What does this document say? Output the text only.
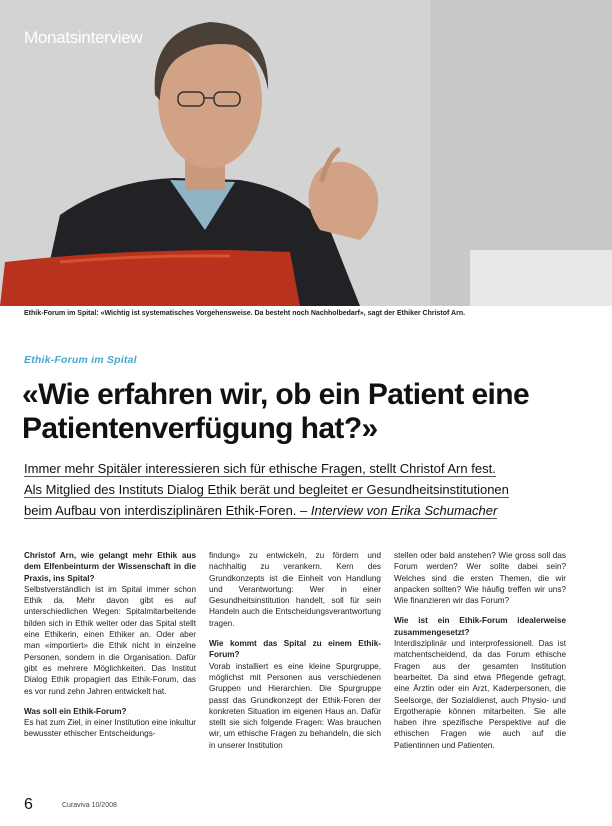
Monatsinterview
Ethik-Forum im Spital: «Wichtig ist systematisches Vorgehensweise. Da besteht noch Nachholbedarf», sagt der Ethiker Christof Arn.
Ethik-Forum im Spital
«Wie erfahren wir, ob ein Patient eine Patientenverfügung hat?»

Immer mehr Spitäler interessieren sich für ethische Fragen, stellt Christof Arn fest.

Als Mitglied des Instituts Dialog Ethik berät und begleitet er Gesundheitsinstitutionen

beim Aufbau von interdisziplinären Ethik-Foren. – Interview von Erika Schumacher

Christof Arn, wie gelangt mehr Ethik aus dem Elfenbeinturm der Wissenschaft in die Praxis, ins Spital?

Selbstverständlich ist im Spital immer schon Ethik da. Mehr davon gibt es auf unterschiedlichen Wegen: Spitalmitarbeitende bilden sich in Ethik weiter oder das Spital stellt eine Ethikerin, einen Ethiker an. Oder aber man «importiert» die Ethik nicht in einzelne Personen, sondern in die Organisation. Dafür gibt es mehrere Möglichkeiten. Das Institut Dialog Ethik propagiert das Ethik-Forum, das es vor rund zehn Jahren entwickelt hat.

Was soll ein Ethik-Forum?

Es hat zum Ziel, in einer Institution eine inkultur bewusster ethischer Entscheidungs-

findung» zu entwickeln, zu fördern und nachhaltig zu verankern. Kern des Grundkonzepts ist die Einheit von Handlung und Verantwortung: Wer in einer Gesundheitsinstitution handelt, soll für sein Handeln auch die Entscheidungsverantwortung tragen.

Wie kommt das Spital zu einem Ethik-Forum?

Vorab installiert es eine kleine Spurgruppe, möglichst mit Personen aus verschiedenen Gruppen und Hierarchien. Die Spurgruppe passt das Grundkonzept der Ethik-Foren der konkreten Situation im eigenen Haus an. Dafür stellt sie sich folgende Fragen: Was brauchen wir, um ethische Fragen zu behandeln, die sich in unserer Institution

stellen oder bald anstehen? Wie gross soll das Forum werden? Wer sollte dabei sein? Welches sind die ersten Themen, die wir anpacken sollten? Wie häufig treffen wir uns? Wie finanzieren wir das Forum?

Wie ist ein Ethik-Forum idealerweise zusammengesetzt?

Interdisziplinär und interprofessionell. Das ist matchentscheidend, da das Forum ethische Fragen aus der gesamten Institution bearbeitet. Da sind etwa Pflegende gefragt, eine Ärztin oder ein Arzt, Kaderpersonen, die Seelsorge, der Sozialdienst, auch Physio- und Ergotherapie können mitarbeiten. Sie alle haben ihre spezifische Perspektive auf die ethischen Fragen wie auch auf die Patientinnen und Patienten.

6	Curaviva 10/2008
